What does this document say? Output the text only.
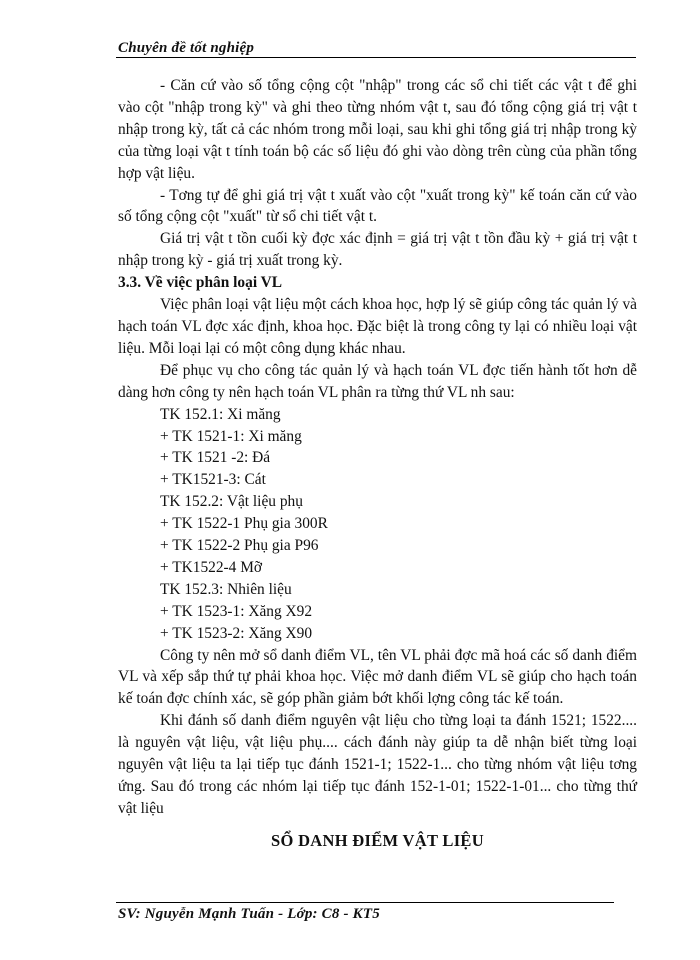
Chuyên đề tốt nghiệp

- Căn cứ vào số tổng cộng cột "nhập" trong các sổ chi tiết các vật t để ghi vào cột "nhập trong kỳ" và ghi theo từng nhóm vật t, sau đó tổng cộng giá trị vật t nhập trong kỳ, tất cả các nhóm trong mỗi loại, sau khi ghi tổng giá trị nhập trong kỳ của từng loại vật t tính toán bộ các số liệu đó ghi vào dòng trên cùng của phần tổng hợp vật liệu.

- Tơng tự để ghi giá trị vật t xuất vào cột "xuất trong kỳ" kế toán căn cứ vào số tổng cộng cột "xuất" từ sổ chi tiết vật t.

Giá trị vật t tồn cuối kỳ đợc xác định = giá trị vật t tồn đầu kỳ + giá trị vật t nhập trong kỳ - giá trị xuất trong kỳ.

3.3. Về việc phân loại VL

Việc phân loại vật liệu một cách khoa học, hợp lý sẽ giúp công tác quản lý và hạch toán VL đợc xác định, khoa học. Đặc biệt là trong công ty lại có nhiều loại vật liệu. Mỗi loại lại có một công dụng khác nhau.

Để phục vụ cho công tác quản lý và hạch toán VL đợc tiến hành tốt hơn dễ dàng hơn công ty nên hạch toán VL phân ra từng thứ VL nh sau:

TK 152.1: Xi măng
+ TK 1521-1: Xi măng
+ TK 1521 -2: Đá
+ TK1521-3: Cát
TK 152.2: Vật liệu phụ
+ TK 1522-1 Phụ gia 300R
+ TK 1522-2 Phụ gia P96
+ TK1522-4 Mỡ
TK 152.3: Nhiên liệu
+ TK 1523-1: Xăng X92
+ TK 1523-2: Xăng X90

Công ty nên mở sổ danh điểm VL, tên VL phải đợc mã hoá các số danh điểm VL và xếp sắp thứ tự phải khoa học. Việc mở danh điểm VL sẽ giúp cho hạch toán kế toán đợc chính xác, sẽ góp phần giảm bớt khối lợng công tác kế toán.

Khi đánh số danh điểm nguyên vật liệu cho từng loại ta đánh 1521; 1522.... là nguyên vật liệu, vật liệu phụ.... cách đánh này giúp ta dễ nhận biết từng loại nguyên vật liệu ta lại tiếp tục đánh 1521-1; 1522-1... cho từng nhóm vật liệu tơng ứng. Sau đó trong các nhóm lại tiếp tục đánh 152-1-01; 1522-1-01... cho từng thứ vật liệu

SỔ DANH ĐIỂM VẬT LIỆU

SV: Nguyễn Mạnh Tuấn - Lớp: C8 - KT5
